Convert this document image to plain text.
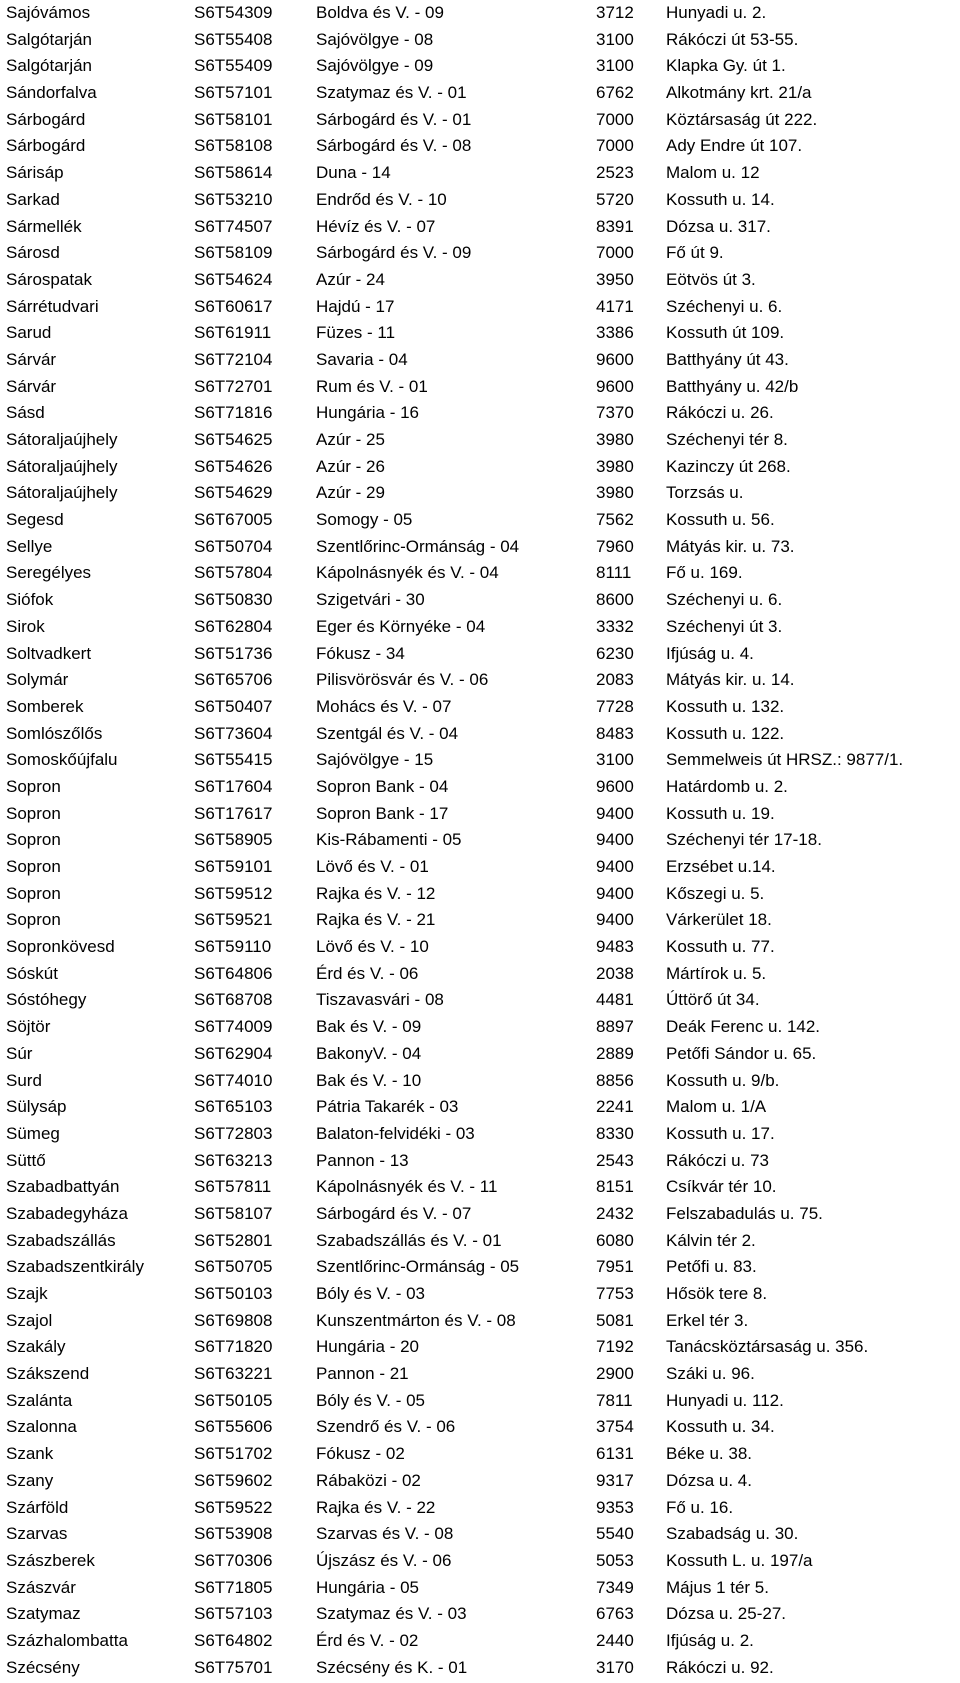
Sajóvámos	S6T54309	Boldva és V. - 09	3712 Hunyadi u. 2.
Salgótarján	S6T55408	Sajóvölgye - 08	3100 Rákóczi út 53-55.
Salgótarján	S6T55409	Sajóvölgye - 09	3100 Klapka Gy. út 1.
Sándorfalva	S6T57101	Szatymaz és V. - 01	6762 Alkotmány krt. 21/a
Sárbogárd	S6T58101	Sárbogárd és V. - 01	7000 Köztársaság út 222.
Sárbogárd	S6T58108	Sárbogárd és V. - 08	7000 Ady Endre út 107.
Sárisáp	S6T58614	Duna - 14	2523 Malom u. 12
Sarkad	S6T53210	Endrőd és V. - 10	5720 Kossuth u. 14.
Sármellék	S6T74507	Hévíz és V. - 07	8391 Dózsa u. 317.
Sárosd	S6T58109	Sárbogárd és V. - 09	7000 Fő út 9.
Sárospatak	S6T54624	Azúr - 24	3950 Eötvös út 3.
Sárrétudvari	S6T60617	Hajdú - 17	4171 Széchenyi u. 6.
Sarud	S6T61911	Füzes - 11	3386 Kossuth út 109.
Sárvár	S6T72104	Savaria - 04	9600 Batthyány út 43.
Sárvár	S6T72701	Rum és V. - 01	9600 Batthyány u. 42/b
Sásd	S6T71816	Hungária - 16	7370 Rákóczi u. 26.
Sátoraljaújhely	S6T54625	Azúr - 25	3980 Széchenyi tér 8.
Sátoraljaújhely	S6T54626	Azúr - 26	3980 Kazinczy út 268.
Sátoraljaújhely	S6T54629	Azúr - 29	3980 Torzsás u.
Segesd	S6T67005	Somogy - 05	7562 Kossuth u. 56.
Sellye	S6T50704	Szentlőrinc-Ormánság - 04	7960 Mátyás kir. u. 73.
Seregélyes	S6T57804	Kápolnásnyék és V. - 04	8111 Fő u. 169.
Siófok	S6T50830	Szigetvári - 30	8600 Széchenyi u. 6.
Sirok	S6T62804	Eger és Környéke - 04	3332 Széchenyi út 3.
Soltvadkert	S6T51736	Fókusz - 34	6230 Ifjúság u. 4.
Solymár	S6T65706	Pilisvörösvár és V. - 06	2083 Mátyás kir. u. 14.
Somberek	S6T50407	Mohács és V. - 07	7728 Kossuth u. 132.
Somlószőlős	S6T73604	Szentgál és V. - 04	8483 Kossuth u. 122.
Somoskőújfalu	S6T55415	Sajóvölgye - 15	3100 Semmelweis út HRSZ.: 9877/1.
Sopron	S6T17604	Sopron Bank - 04	9600 Határdomb u. 2.
Sopron	S6T17617	Sopron Bank - 17	9400 Kossuth u. 19.
Sopron	S6T58905	Kis-Rábamenti - 05	9400 Széchenyi tér 17-18.
Sopron	S6T59101	Lövő és V. - 01	9400 Erzsébet u.14.
Sopron	S6T59512	Rajka és V. - 12	9400 Kőszegi u. 5.
Sopron	S6T59521	Rajka és V. - 21	9400 Várkerület 18.
Sopronkövesd	S6T59110	Lövő és V. - 10	9483 Kossuth u. 77.
Sóskút	S6T64806	Érd és V. - 06	2038 Mártírok u. 5.
Sóstóhegy	S6T68708	Tiszavasvári - 08	4481 Úttörő út 34.
Söjtör	S6T74009	Bak és V. - 09	8897 Deák Ferenc u. 142.
Súr	S6T62904	BakonyV. - 04	2889 Petőfi Sándor u. 65.
Surd	S6T74010	Bak és V. - 10	8856 Kossuth u. 9/b.
Sülysáp	S6T65103	Pátria Takarék - 03	2241 Malom u. 1/A
Sümeg	S6T72803	Balaton-felvidéki - 03	8330 Kossuth u. 17.
Süttő	S6T63213	Pannon - 13	2543 Rákóczi u. 73
Szabadbattyán	S6T57811	Kápolnásnyék és V. - 11	8151 Csíkvár tér 10.
Szabadegyháza	S6T58107	Sárbogárd és V. - 07	2432 Felszabadulás u. 75.
Szabadszállás	S6T52801	Szabadszállás és V. - 01	6080 Kálvin tér 2.
Szabadszentkirály	S6T50705	Szentlőrinc-Ormánság - 05	7951 Petőfi u. 83.
Szajk	S6T50103	Bóly és V. - 03	7753 Hősök tere 8.
Szajol	S6T69808	Kunszentmárton és V. - 08	5081 Erkel tér 3.
Szakály	S6T71820	Hungária - 20	7192 Tanácsköztársaság u. 356.
Szákszend	S6T63221	Pannon - 21	2900 Száki u. 96.
Szalánta	S6T50105	Bóly és V. - 05	7811 Hunyadi u. 112.
Szalonna	S6T55606	Szendrő és V. - 06	3754 Kossuth u. 34.
Szank	S6T51702	Fókusz - 02	6131 Béke u. 38.
Szany	S6T59602	Rábaközi - 02	9317 Dózsa u. 4.
Szárföld	S6T59522	Rajka és V. - 22	9353 Fő u. 16.
Szarvas	S6T53908	Szarvas és V. - 08	5540 Szabadság u. 30.
Szászberek	S6T70306	Újszász és V. - 06	5053 Kossuth L. u. 197/a
Szászvár	S6T71805	Hungária - 05	7349 Május 1 tér 5.
Szatymaz	S6T57103	Szatymaz és V. - 03	6763 Dózsa u. 25-27.
Százhalombatta	S6T64802	Érd és V. - 02	2440 Ifjúság u. 2.
Szécsény	S6T75701	Szécsény és K. - 01	3170 Rákóczi u. 92.
